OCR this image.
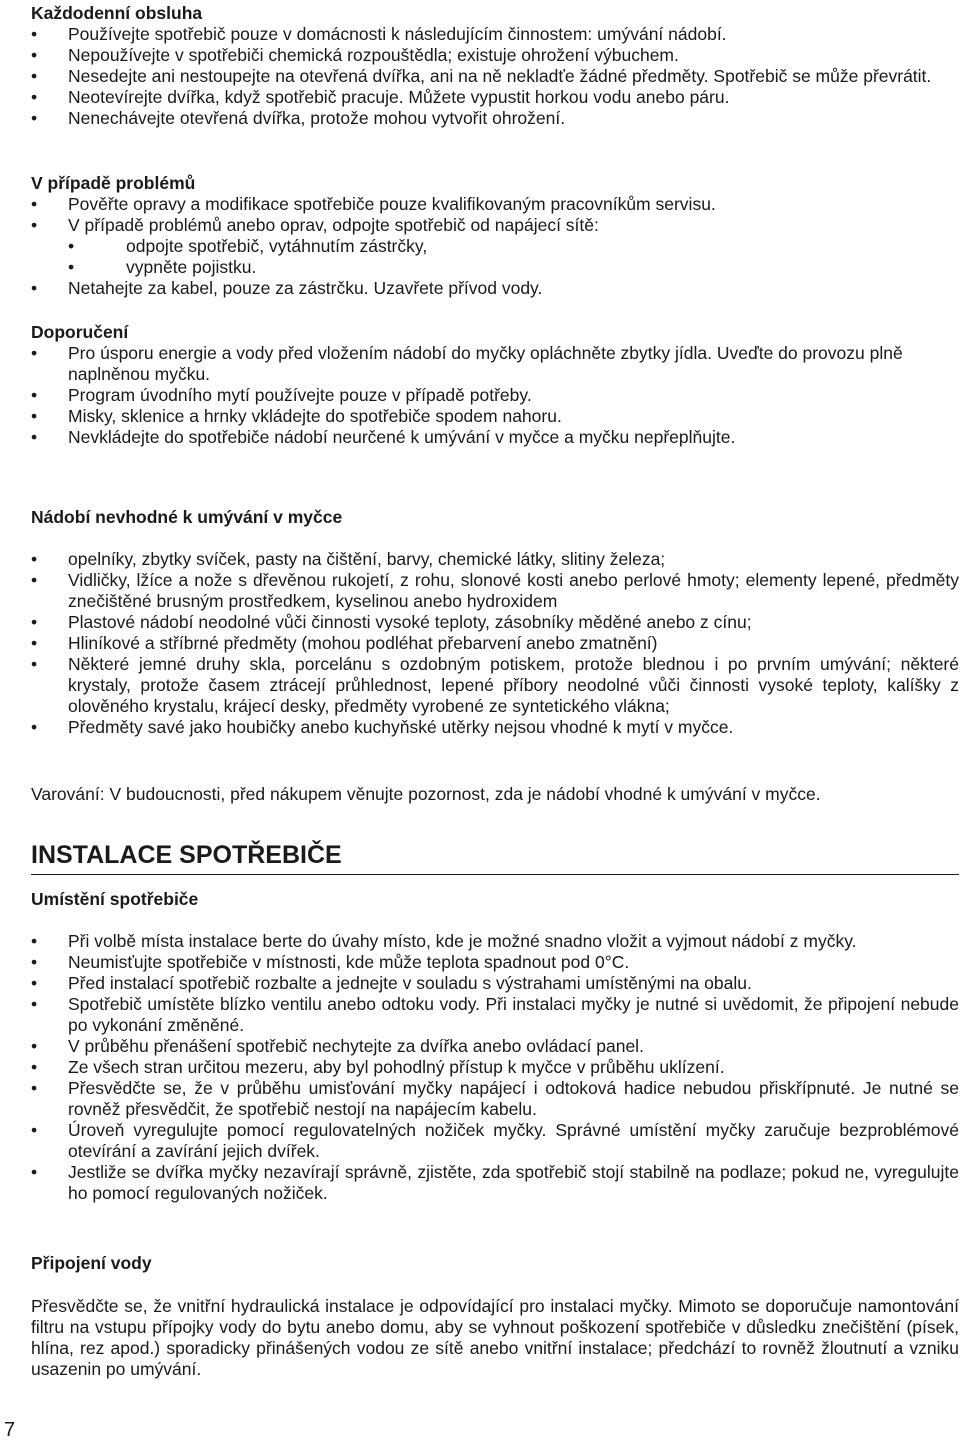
Každodenní obsluha

• Používejte spotřebič pouze v domácnosti k následujícím činnostem: umývání nádobí.
• Nepoužívejte v spotřebiči chemická rozpouštědla; existuje ohrožení výbuchem.
• Nesedejte ani nestoupejte na otevřená dvířka, ani na ně nekladťe žádné předměty. Spotřebič se může převrátit.
• Neotevírejte dvířka, když spotřebič pracuje. Můžete vypustit horkou vodu anebo páru.
• Nenechávejte otevřená dvířka, protože mohou vytvořit ohrožení.

V případě problémů

• Pověřte opravy a modifikace spotřebiče pouze kvalifikovaným pracovníkům servisu.
• V případě problémů anebo oprav, odpojte spotřebič od napájecí sítě:
• odpojte spotřebič, vytáhnutím zástrčky,
• vypněte pojistku.
• Netahejte za kabel, pouze za zástrčku. Uzavřete přívod vody.

Doporučení

• Pro úsporu energie a vody před vložením nádobí do myčky opláchněte zbytky jídla. Uveďte do provozu plně naplněnou myčku.
• Program úvodního mytí používejte pouze v případě potřeby.
• Misky, sklenice a hrnky vkládejte do spotřebiče spodem nahoru.
• Nevkládejte do spotřebiče nádobí neurčené k umývání v myčce a myčku nepřeplňujte.

Nádobí nevhodné k umývání v myčce

• opelníky, zbytky svíček, pasty na čištění, barvy, chemické látky, slitiny železa;
• Vidličky, lžíce a nože s dřevěnou rukojetí, z rohu, slonové kosti anebo perlové hmoty; elementy lepené, předměty znečištěné brusným prostředkem, kyselinou anebo hydroxidem
• Plastové nádobí neodolné vůči činnosti vysoké teploty, zásobníky měděné anebo z cínu;
• Hliníkové a stříbrné předměty (mohou podléhat přebarvení anebo zmatnění)
• Některé jemné druhy skla, porcelánu s ozdobným potiskem, protože blednou i po prvním umývání; některé krystaly, protože časem ztrácejí průhlednost, lepené příbory neodolné vůči činnosti vysoké teploty, kalíšky z olověného krystalu, krájecí desky, předměty vyrobené ze syntetického vlákna;
• Předměty savé jako houbičky anebo kuchyňské utěrky nejsou vhodné k mytí v myčce.

Varování: V budoucnosti, před nákupem věnujte pozornost, zda je nádobí vhodné k umývání v myčce.

INSTALACE SPOTŘEBIČE

Umístění spotřebiče

• Při volbě místa instalace berte do úvahy místo, kde je možné snadno vložit a vyjmout nádobí z myčky.
• Neumisťujte spotřebiče v místnosti, kde může teplota spadnout pod 0°C.
• Před instalací spotřebič rozbalte a jednejte v souladu s výstrahami umístěnými na obalu.
• Spotřebič umístěte blízko ventilu anebo odtoku vody. Při instalaci myčky je nutné si uvědomit, že připojení nebude po vykonání změněné.
• V průběhu přenášení spotřebič nechytejte za dvířka anebo ovládací panel.
• Ze všech stran určitou mezeru, aby byl pohodlný přístup k myčce v průběhu uklízení.
• Přesvědčte se, že v průběhu umisťování myčky napájecí i odtoková hadice nebudou přiskřípnuté. Je nutné se rovněž přesvědčit, že spotřebič nestojí na napájecím kabelu.
• Úroveň vyregulujte pomocí regulovatelných nožiček myčky. Správné umístění myčky zaručuje bezproblémové otevírání a zavírání jejich dvířek.
• Jestliže se dvířka myčky nezavírají správně, zjistěte, zda spotřebič stojí stabilně na podlaze; pokud ne, vyregulujte ho pomocí regulovaných nožiček.

Připojení vody

Přesvědčte se, že vnitřní hydraulická instalace je odpovídající pro instalaci myčky. Mimoto se doporučuje namontování filtru na vstupu přípojky vody do bytu anebo domu, aby se vyhnout poškození spotřebiče v důsledku znečištění (písek, hlína, rez apod.) sporadicky přinášených vodou ze sítě anebo vnitřní instalace; předchází to rovněž žloutnutí a vzniku usazenin po umývání.

7
